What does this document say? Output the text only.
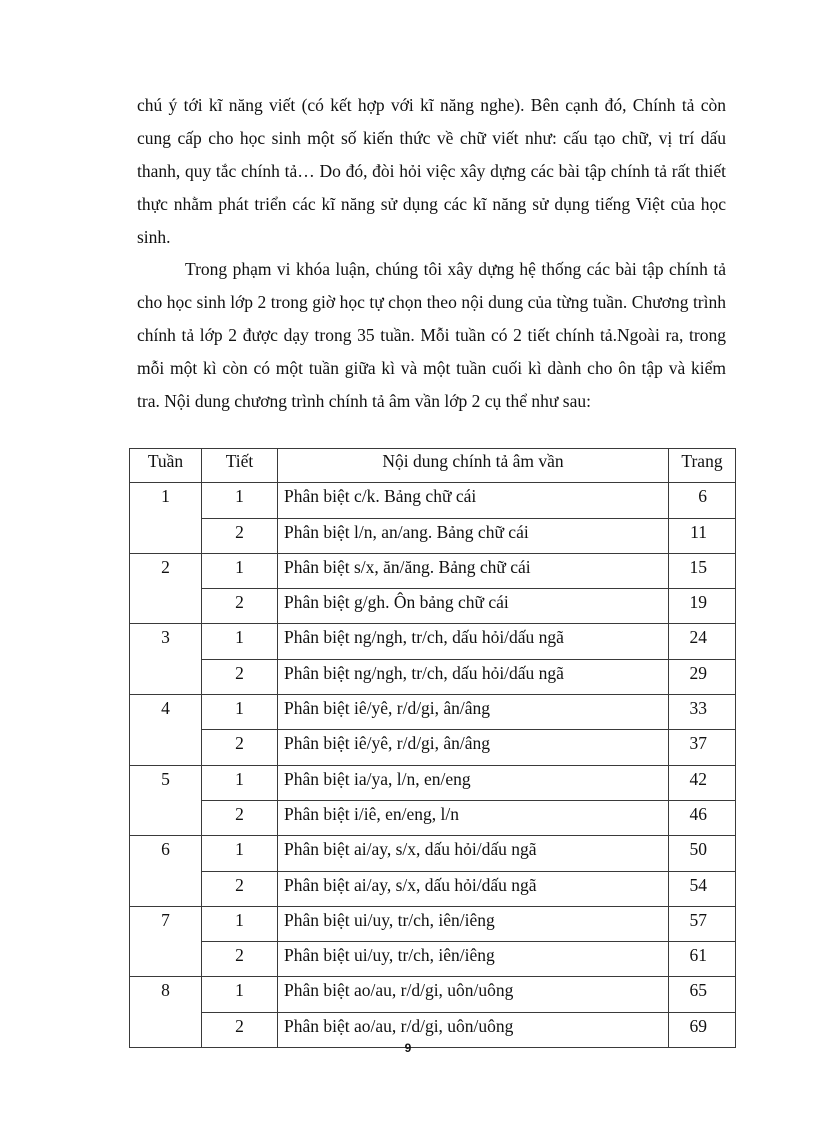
chú ý tới kĩ năng viết (có kết hợp với kĩ năng nghe). Bên cạnh đó, Chính tả còn cung cấp cho học sinh một số kiến thức về chữ viết như: cấu tạo chữ, vị trí dấu thanh, quy tắc chính tả… Do đó, đòi hỏi việc xây dựng các bài tập chính tả rất thiết thực nhằm phát triển các kĩ năng sử dụng các kĩ năng sử dụng tiếng Việt của học sinh.

Trong phạm vi khóa luận, chúng tôi xây dựng hệ thống các bài tập chính tả cho học sinh lớp 2 trong giờ học tự chọn theo nội dung của từng tuần. Chương trình chính tả lớp 2 được dạy trong 35 tuần. Mỗi tuần có 2 tiết chính tả.Ngoài ra, trong mỗi một kì còn có một tuần giữa kì và một tuần cuối kì dành cho ôn tập và kiểm tra. Nội dung chương trình chính tả âm vần lớp 2 cụ thể như sau:

Tuần	Tiết	Nội dung chính tả âm vần	Trang
1	1	Phân biệt c/k. Bảng chữ cái	6
	2	Phân biệt l/n, an/ang. Bảng chữ cái	11
2	1	Phân biệt s/x, ăn/ăng. Bảng chữ cái	15
	2	Phân biệt g/gh. Ôn bảng chữ cái	19
3	1	Phân biệt ng/ngh, tr/ch, dấu hỏi/dấu ngã	24
	2	Phân biệt ng/ngh, tr/ch, dấu hỏi/dấu ngã	29
4	1	Phân biệt iê/yê, r/d/gi, ân/âng	33
	2	Phân biệt iê/yê, r/d/gi, ân/âng	37
5	1	Phân biệt ia/ya, l/n, en/eng	42
	2	Phân biệt i/iê, en/eng, l/n	46
6	1	Phân biệt ai/ay, s/x, dấu hỏi/dấu ngã	50
	2	Phân biệt ai/ay, s/x, dấu hỏi/dấu ngã	54
7	1	Phân biệt ui/uy, tr/ch, iên/iêng	57
	2	Phân biệt ui/uy, tr/ch, iên/iêng	61
8	1	Phân biệt ao/au, r/d/gi, uôn/uông	65
	2	Phân biệt ao/au, r/d/gi, uôn/uông	69
9
